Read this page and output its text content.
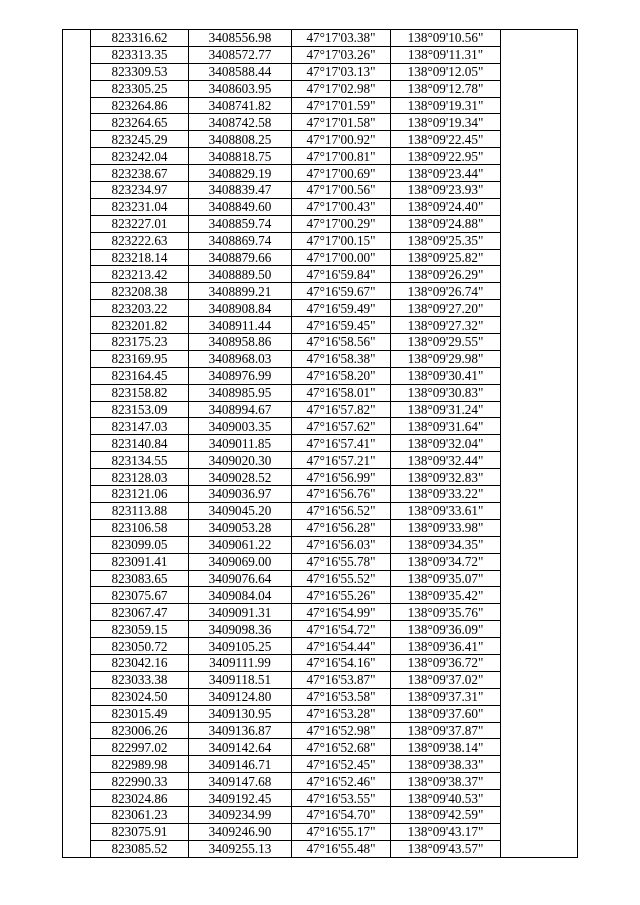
	823316.62	3408556.98	47°17'03.38"	138°09'10.56"	
	823313.35	3408572.77	47°17'03.26"	138°09'11.31"	
	823309.53	3408588.44	47°17'03.13"	138°09'12.05"	
	823305.25	3408603.95	47°17'02.98"	138°09'12.78"	
	823264.86	3408741.82	47°17'01.59"	138°09'19.31"	
	823264.65	3408742.58	47°17'01.58"	138°09'19.34"	
	823245.29	3408808.25	47°17'00.92"	138°09'22.45"	
	823242.04	3408818.75	47°17'00.81"	138°09'22.95"	
	823238.67	3408829.19	47°17'00.69"	138°09'23.44"	
	823234.97	3408839.47	47°17'00.56"	138°09'23.93"	
	823231.04	3408849.60	47°17'00.43"	138°09'24.40"	
	823227.01	3408859.74	47°17'00.29"	138°09'24.88"	
	823222.63	3408869.74	47°17'00.15"	138°09'25.35"	
	823218.14	3408879.66	47°17'00.00"	138°09'25.82"	
	823213.42	3408889.50	47°16'59.84"	138°09'26.29"	
	823208.38	3408899.21	47°16'59.67"	138°09'26.74"	
	823203.22	3408908.84	47°16'59.49"	138°09'27.20"	
	823201.82	3408911.44	47°16'59.45"	138°09'27.32"	
	823175.23	3408958.86	47°16'58.56"	138°09'29.55"	
	823169.95	3408968.03	47°16'58.38"	138°09'29.98"	
	823164.45	3408976.99	47°16'58.20"	138°09'30.41"	
	823158.82	3408985.95	47°16'58.01"	138°09'30.83"	
	823153.09	3408994.67	47°16'57.82"	138°09'31.24"	
	823147.03	3409003.35	47°16'57.62"	138°09'31.64"	
	823140.84	3409011.85	47°16'57.41"	138°09'32.04"	
	823134.55	3409020.30	47°16'57.21"	138°09'32.44"	
	823128.03	3409028.52	47°16'56.99"	138°09'32.83"	
	823121.06	3409036.97	47°16'56.76"	138°09'33.22"	
	823113.88	3409045.20	47°16'56.52"	138°09'33.61"	
	823106.58	3409053.28	47°16'56.28"	138°09'33.98"	
	823099.05	3409061.22	47°16'56.03"	138°09'34.35"	
	823091.41	3409069.00	47°16'55.78"	138°09'34.72"	
	823083.65	3409076.64	47°16'55.52"	138°09'35.07"	
	823075.67	3409084.04	47°16'55.26"	138°09'35.42"	
	823067.47	3409091.31	47°16'54.99"	138°09'35.76"	
	823059.15	3409098.36	47°16'54.72"	138°09'36.09"	
	823050.72	3409105.25	47°16'54.44"	138°09'36.41"	
	823042.16	3409111.99	47°16'54.16"	138°09'36.72"	
	823033.38	3409118.51	47°16'53.87"	138°09'37.02"	
	823024.50	3409124.80	47°16'53.58"	138°09'37.31"	
	823015.49	3409130.95	47°16'53.28"	138°09'37.60"	
	823006.26	3409136.87	47°16'52.98"	138°09'37.87"	
	822997.02	3409142.64	47°16'52.68"	138°09'38.14"	
	822989.98	3409146.71	47°16'52.45"	138°09'38.33"	
	822990.33	3409147.68	47°16'52.46"	138°09'38.37"	
	823024.86	3409192.45	47°16'53.55"	138°09'40.53"	
	823061.23	3409234.99	47°16'54.70"	138°09'42.59"	
	823075.91	3409246.90	47°16'55.17"	138°09'43.17"	
	823085.52	3409255.13	47°16'55.48"	138°09'43.57"	
